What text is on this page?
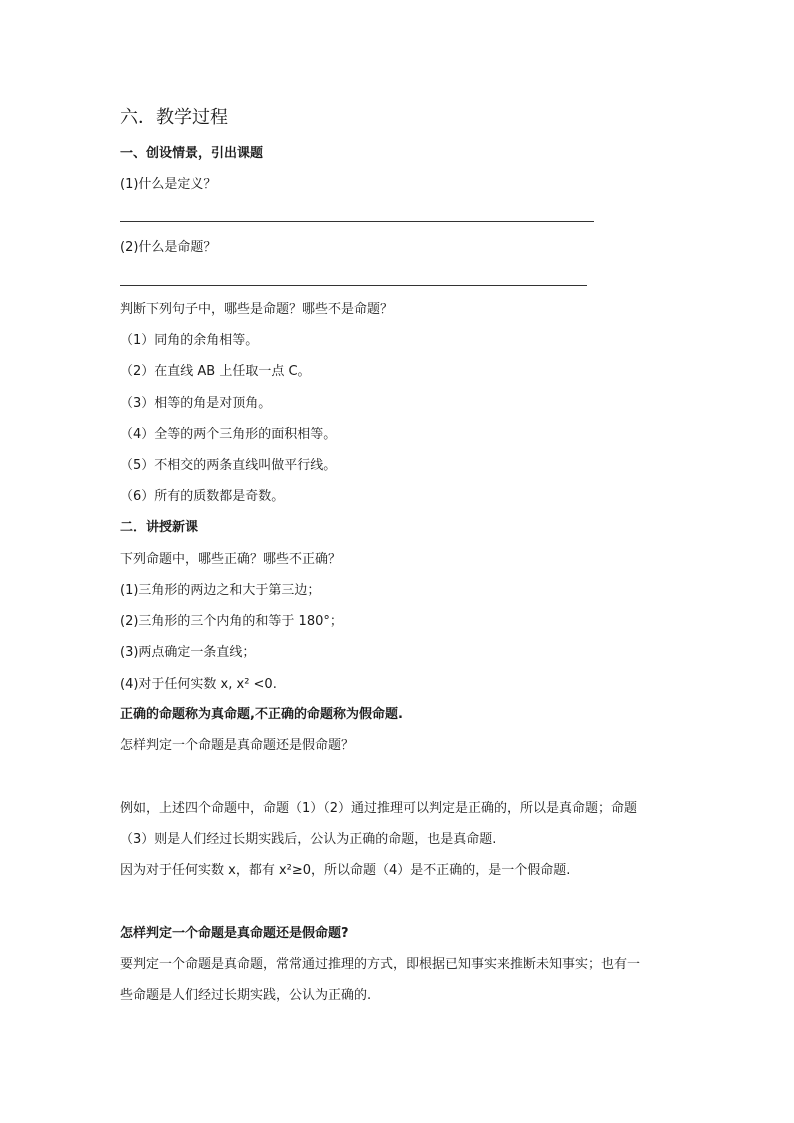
六．教学过程
一、创设情景，引出课题
(1)什么是定义？
(2)什么是命题？
判断下列句子中，哪些是命题？哪些不是命题？
（1）同角的余角相等。
（2）在直线 AB 上任取一点 C。
（3）相等的角是对顶角。
（4）全等的两个三角形的面积相等。
（5）不相交的两条直线叫做平行线。
（6）所有的质数都是奇数。
二．讲授新课
下列命题中，哪些正确？哪些不正确？
(1)三角形的两边之和大于第三边；
(2)三角形的三个内角的和等于 180°；
(3)两点确定一条直线；
(4)对于任何实数 x, x² <0.
正确的命题称为真命题,不正确的命题称为假命题.
怎样判定一个命题是真命题还是假命题？
例如，上述四个命题中，命题（1）（2）通过推理可以判定是正确的，所以是真命题；命题
（3）则是人们经过长期实践后，公认为正确的命题，也是真命题.
因为对于任何实数 x，都有 x²≥0，所以命题（4）是不正确的，是一个假命题.
怎样判定一个命题是真命题还是假命题?
要判定一个命题是真命题，常常通过推理的方式，即根据已知事实来推断未知事实；也有一
些命题是人们经过长期实践，公认为正确的.
